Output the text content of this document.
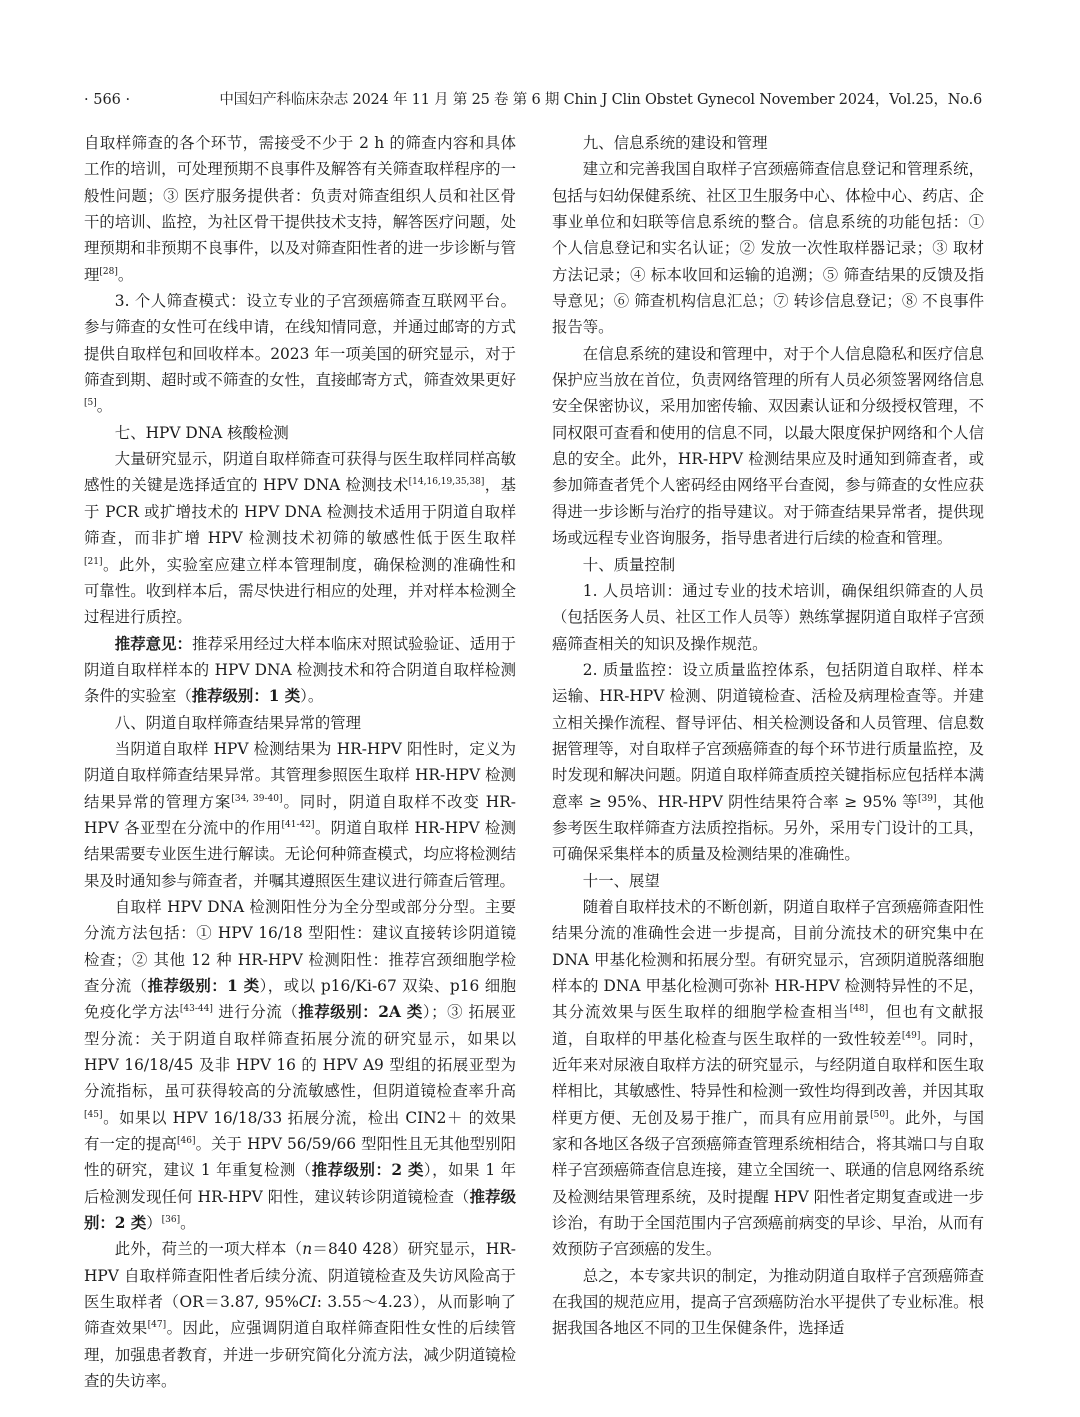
· 566 ·	中国妇产科临床杂志 2024 年 11 月 第 25 卷 第 6 期 Chin J Clin Obstet Gynecol November 2024，Vol.25，No.6

自取样筛查的各个环节，需接受不少于 2 h 的筛查内容和具体工作的培训，可处理预期不良事件及解答有关筛查取样程序的一般性问题；③ 医疗服务提供者：负责对筛查组织人员和社区骨干的培训、监控，为社区骨干提供技术支持，解答医疗问题，处理预期和非预期不良事件，以及对筛查阳性者的进一步诊断与管理[28]。

3. 个人筛查模式：设立专业的子宫颈癌筛查互联网平台。参与筛查的女性可在线申请，在线知情同意，并通过邮寄的方式提供自取样包和回收样本。2023 年一项美国的研究显示，对于筛查到期、超时或不筛查的女性，直接邮寄方式，筛查效果更好[5]。

七、HPV DNA 核酸检测

大量研究显示，阴道自取样筛查可获得与医生取样同样高敏感性的关键是选择适宜的 HPV DNA 检测技术[14,16,19,35,38]，基于 PCR 或扩增技术的 HPV DNA 检测技术适用于阴道自取样筛查，而非扩增 HPV 检测技术初筛的敏感性低于医生取样[21]。此外，实验室应建立样本管理制度，确保检测的准确性和可靠性。收到样本后，需尽快进行相应的处理，并对样本检测全过程进行质控。

推荐意见：推荐采用经过大样本临床对照试验验证、适用于阴道自取样样本的 HPV DNA 检测技术和符合阴道自取样检测条件的实验室（推荐级别：1 类）。

八、阴道自取样筛查结果异常的管理

当阴道自取样 HPV 检测结果为 HR-HPV 阳性时，定义为阴道自取样筛查结果异常。其管理参照医生取样 HR-HPV 检测结果异常的管理方案[34, 39-40]。同时，阴道自取样不改变 HR-HPV 各亚型在分流中的作用[41-42]。阴道自取样 HR-HPV 检测结果需要专业医生进行解读。无论何种筛查模式，均应将检测结果及时通知参与筛查者，并嘱其遵照医生建议进行筛查后管理。

自取样 HPV DNA 检测阳性分为全分型或部分分型。主要分流方法包括：① HPV 16/18 型阳性：建议直接转诊阴道镜检查；② 其他 12 种 HR-HPV 检测阳性：推荐宫颈细胞学检查分流（推荐级别：1 类），或以 p16/Ki-67 双染、p16 细胞免疫化学方法[43-44] 进行分流（推荐级别：2A 类）；③ 拓展亚型分流：关于阴道自取样筛查拓展分流的研究显示，如果以 HPV 16/18/45 及非 HPV 16 的 HPV A9 型组的拓展亚型为分流指标，虽可获得较高的分流敏感性，但阴道镜检查率升高[45]。如果以 HPV 16/18/33 拓展分流，检出 CIN2＋ 的效果有一定的提高[46]。关于 HPV 56/59/66 型阳性且无其他型别阳性的研究，建议 1 年重复检测（推荐级别：2 类），如果 1 年后检测发现任何 HR-HPV 阳性，建议转诊阴道镜检查（推荐级别：2 类）[36]。

此外，荷兰的一项大样本（n＝840 428）研究显示，HR-HPV 自取样筛查阳性者后续分流、阴道镜检查及失访风险高于医生取样者（OR＝3.87, 95%CI: 3.55～4.23），从而影响了筛查效果[47]。因此，应强调阴道自取样筛查阳性女性的后续管理，加强患者教育，并进一步研究简化分流方法，减少阴道镜检查的失访率。

九、信息系统的建设和管理

建立和完善我国自取样子宫颈癌筛查信息登记和管理系统，包括与妇幼保健系统、社区卫生服务中心、体检中心、药店、企事业单位和妇联等信息系统的整合。信息系统的功能包括：① 个人信息登记和实名认证；② 发放一次性取样器记录；③ 取材方法记录；④ 标本收回和运输的追溯；⑤ 筛查结果的反馈及指导意见；⑥ 筛查机构信息汇总；⑦ 转诊信息登记；⑧ 不良事件报告等。

在信息系统的建设和管理中，对于个人信息隐私和医疗信息保护应当放在首位，负责网络管理的所有人员必须签署网络信息安全保密协议，采用加密传输、双因素认证和分级授权管理，不同权限可查看和使用的信息不同，以最大限度保护网络和个人信息的安全。此外，HR-HPV 检测结果应及时通知到筛查者，或参加筛查者凭个人密码经由网络平台查阅，参与筛查的女性应获得进一步诊断与治疗的指导建议。对于筛查结果异常者，提供现场或远程专业咨询服务，指导患者进行后续的检查和管理。

十、质量控制

1. 人员培训：通过专业的技术培训，确保组织筛查的人员（包括医务人员、社区工作人员等）熟练掌握阴道自取样子宫颈癌筛查相关的知识及操作规范。

2. 质量监控：设立质量监控体系，包括阴道自取样、样本运输、HR-HPV 检测、阴道镜检查、活检及病理检查等。并建立相关操作流程、督导评估、相关检测设备和人员管理、信息数据管理等，对自取样子宫颈癌筛查的每个环节进行质量监控，及时发现和解决问题。阴道自取样筛查质控关键指标应包括样本满意率 ≥ 95%、HR-HPV 阴性结果符合率 ≥ 95% 等[39]，其他参考医生取样筛查方法质控指标。另外，采用专门设计的工具，可确保采集样本的质量及检测结果的准确性。

十一、展望

随着自取样技术的不断创新，阴道自取样子宫颈癌筛查阳性结果分流的准确性会进一步提高，目前分流技术的研究集中在 DNA 甲基化检测和拓展分型。有研究显示，宫颈阴道脱落细胞样本的 DNA 甲基化检测可弥补 HR-HPV 检测特异性的不足，其分流效果与医生取样的细胞学检查相当[48]，但也有文献报道，自取样的甲基化检查与医生取样的一致性较差[49]。同时，近年来对尿液自取样方法的研究显示，与经阴道自取样和医生取样相比，其敏感性、特异性和检测一致性均得到改善，并因其取样更方便、无创及易于推广，而具有应用前景[50]。此外，与国家和各地区各级子宫颈癌筛查管理系统相结合，将其端口与自取样子宫颈癌筛查信息连接，建立全国统一、联通的信息网络系统及检测结果管理系统，及时提醒 HPV 阳性者定期复查或进一步诊治，有助于全国范围内子宫颈癌前病变的早诊、早治，从而有效预防子宫颈癌的发生。

总之，本专家共识的制定，为推动阴道自取样子宫颈癌筛查在我国的规范应用，提高子宫颈癌防治水平提供了专业标准。根据我国各地区不同的卫生保健条件，选择适
